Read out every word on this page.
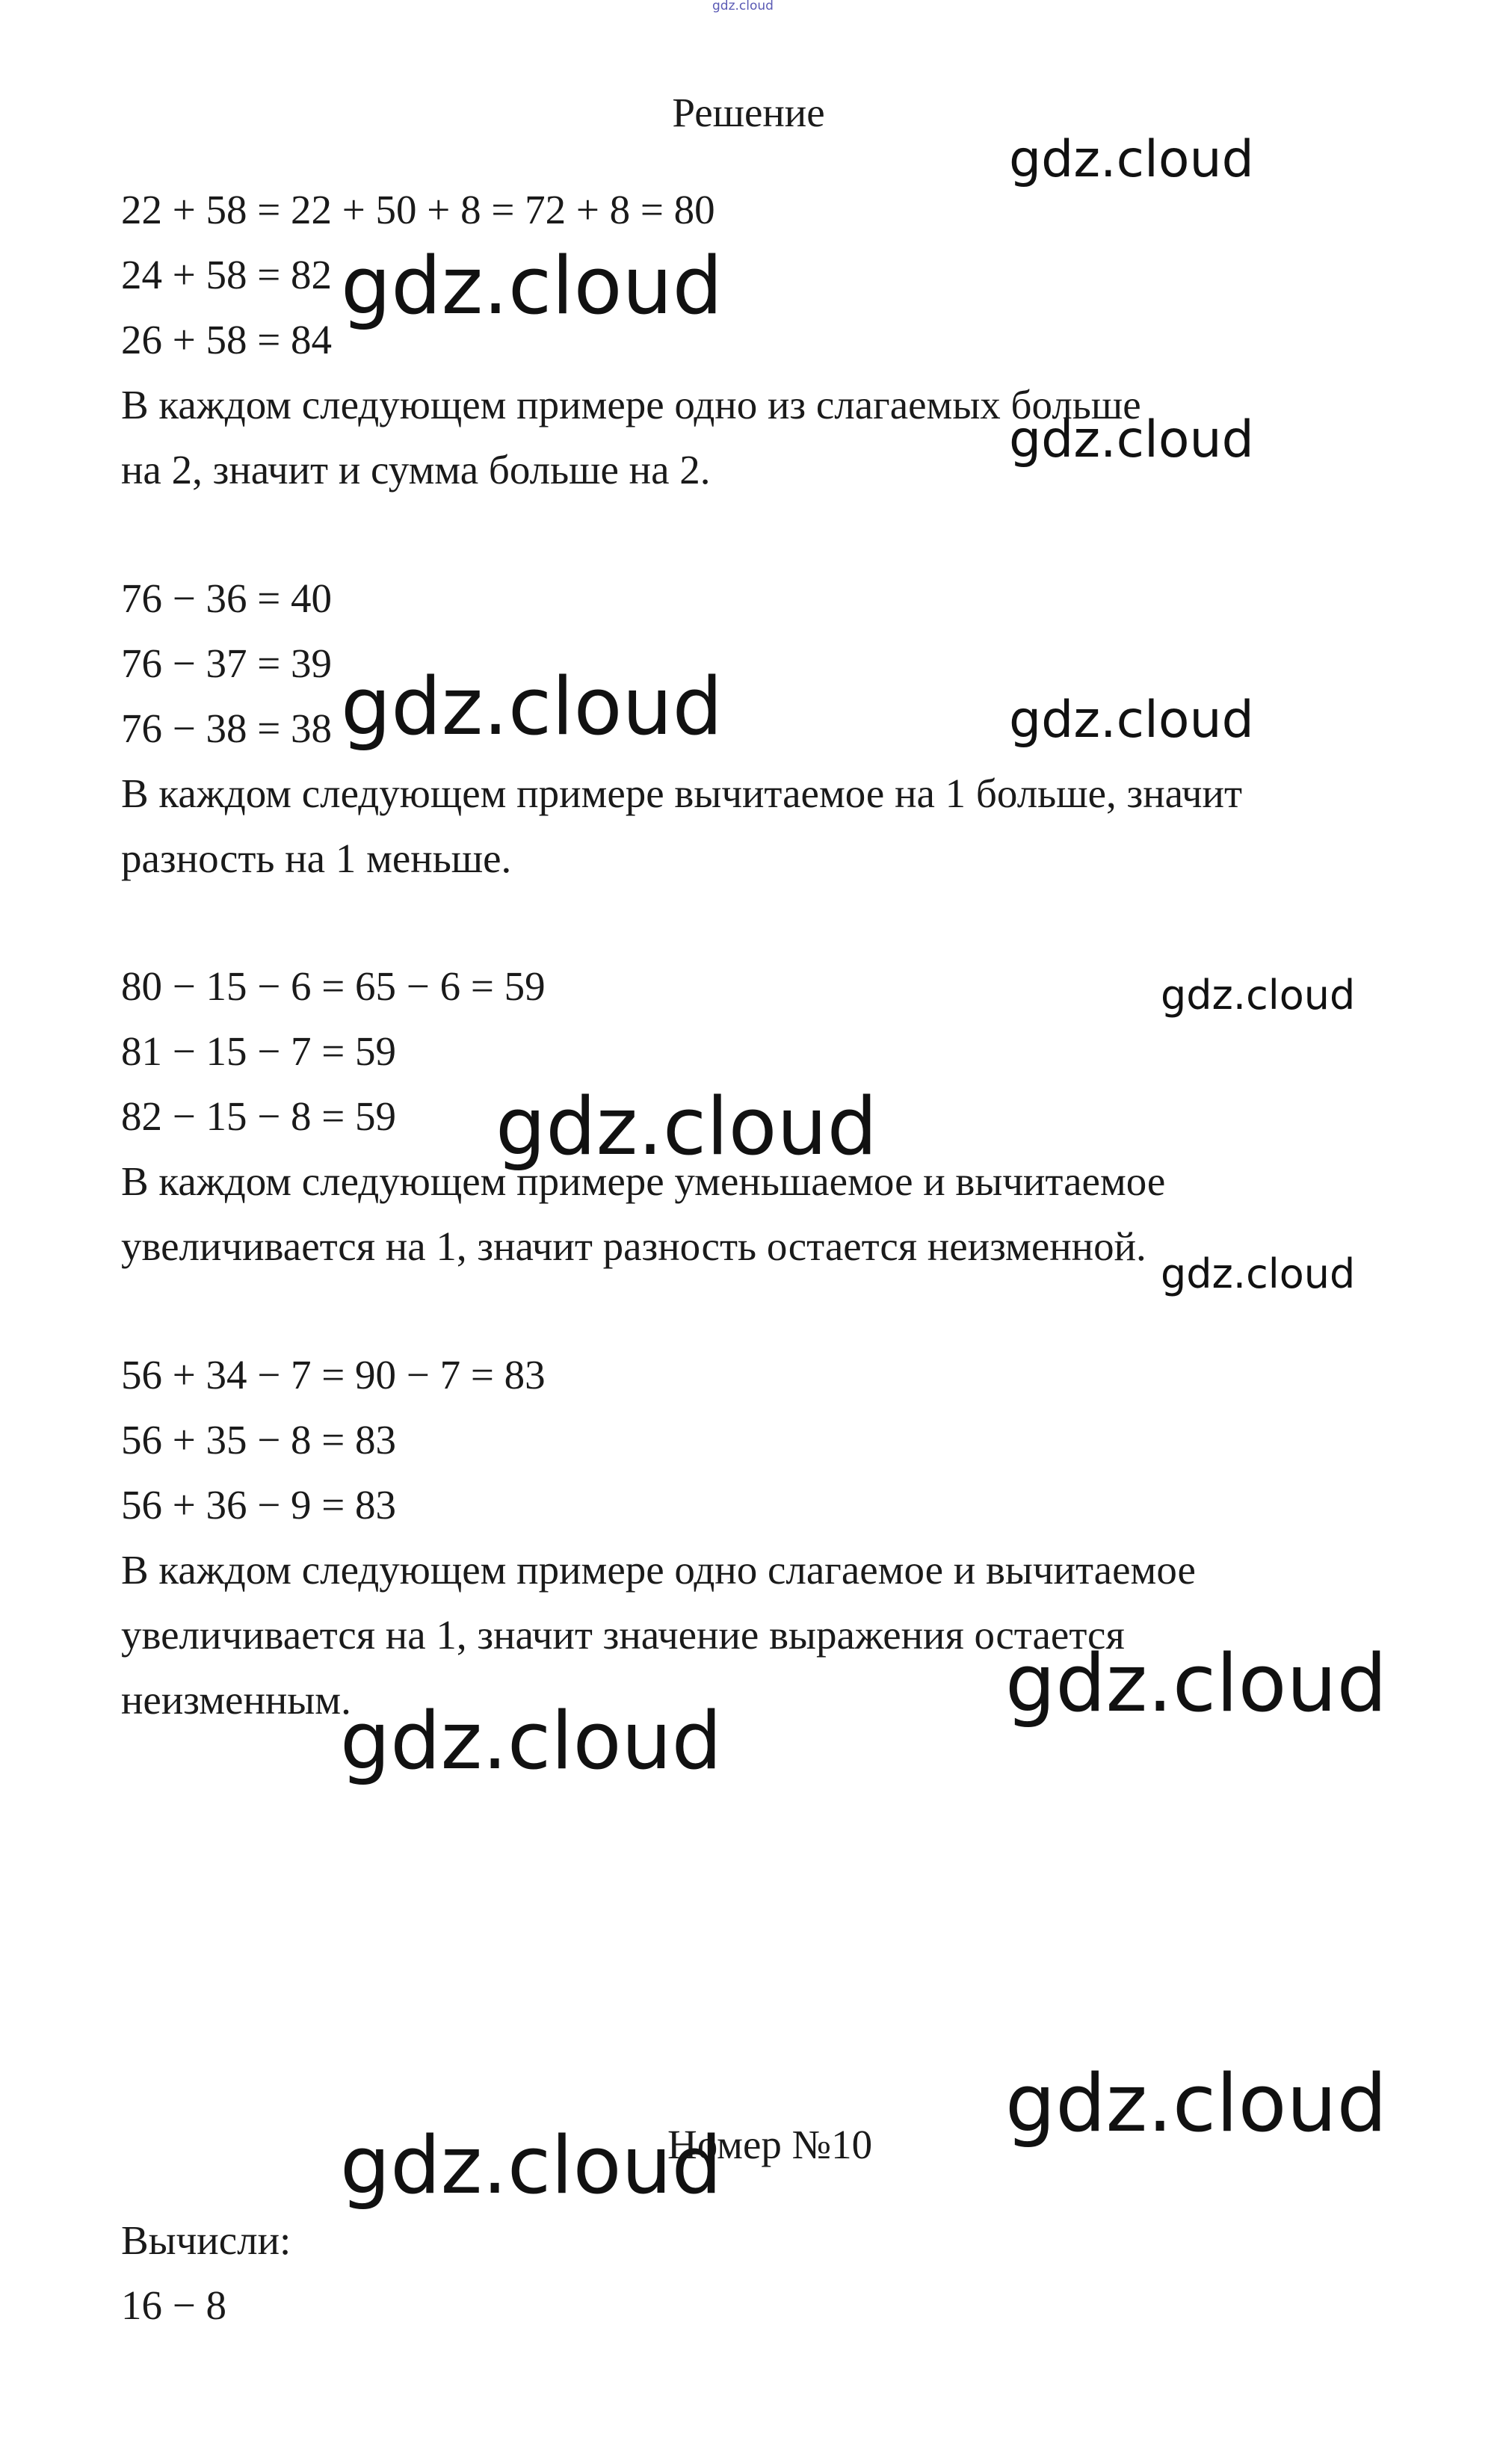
gdz.cloud
Решение
22 + 58 = 22 + 50 + 8 = 72 + 8 = 80
24 + 58 = 82
26 + 58 = 84
В каждом следующем примере одно из слагаемых больше
на 2, значит и сумма больше на 2.
76 − 36 = 40
76 − 37 = 39
76 − 38 = 38
В каждом следующем примере вычитаемое на 1 больше, значит
разность на 1 меньше.
80 − 15 − 6 = 65 − 6 = 59
81 − 15 − 7 = 59
82 − 15 − 8 = 59
В каждом следующем примере уменьшаемое и вычитаемое
увеличивается на 1, значит разность остается неизменной.
56 + 34 − 7 = 90 − 7 = 83
56 + 35 − 8 = 83
56 + 36 − 9 = 83
В каждом следующем примере одно слагаемое и вычитаемое
увеличивается на 1, значит значение выражения остается
неизменным.
Номер №10
Вычисли:
16 − 8
gdz.cloud
gdz.cloud
gdz.cloud
gdz.cloud	gdz.cloud
gdz.cloud
gdz.cloud
gdz.cloud
gdz.cloud
gdz.cloud
gdz.cloud
gdz.cloud
